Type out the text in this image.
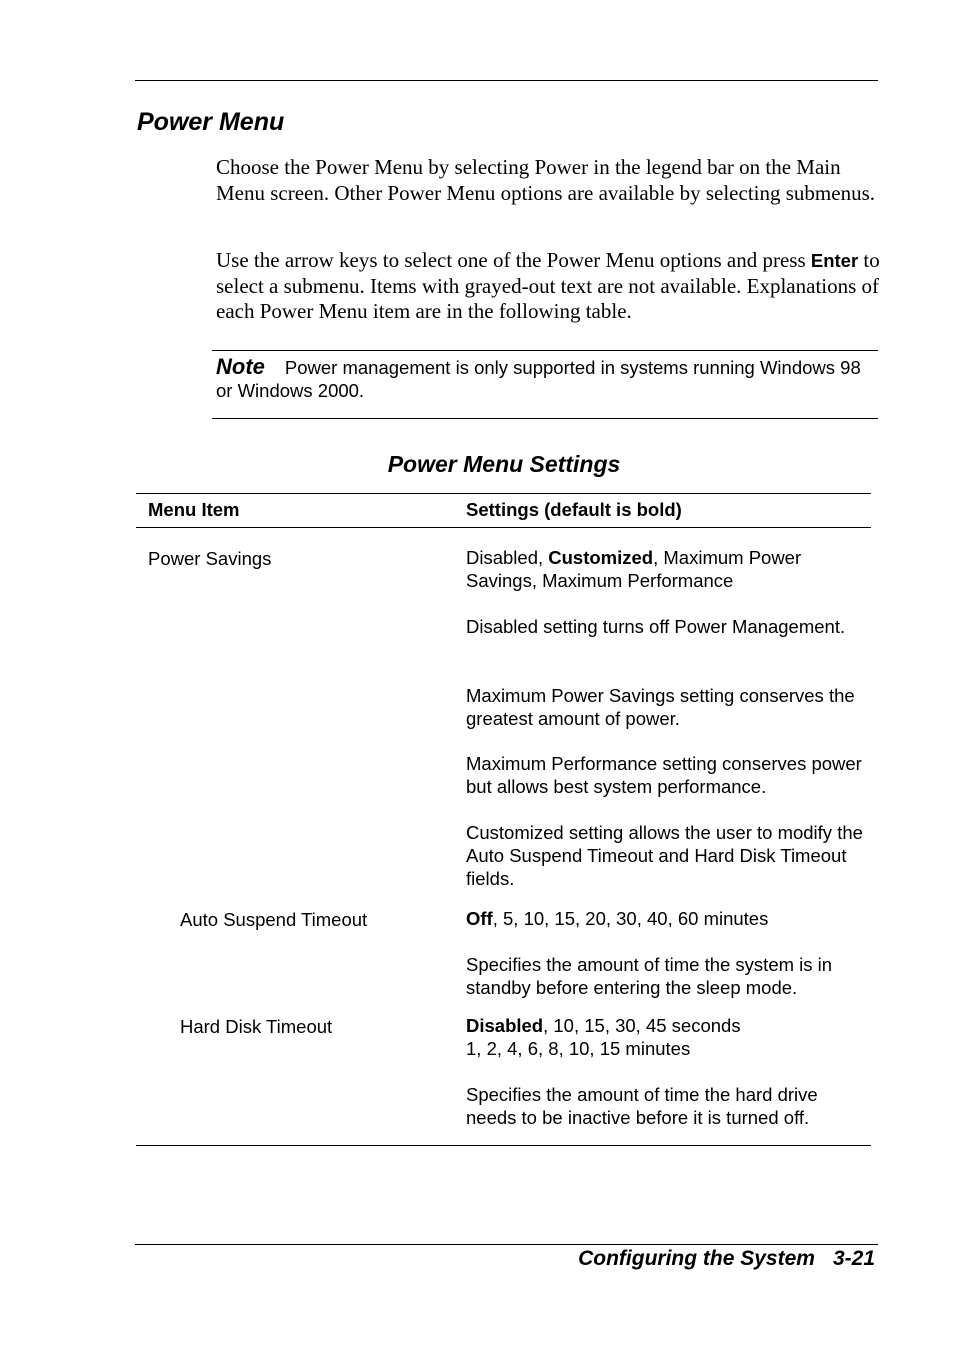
Power Menu
Choose the Power Menu by selecting Power in the legend bar on the Main Menu screen. Other Power Menu options are available by selecting submenus.
Use the arrow keys to select one of the Power Menu options and press Enter to select a submenu. Items with grayed-out text are not available. Explanations of each Power Menu item are in the following table.
Note Power management is only supported in systems running Windows 98 or Windows 2000.
Power Menu Settings
Menu Item	Settings (default is bold)
Power Savings	Disabled, Customized, Maximum Power Savings, Maximum Performance
Disabled setting turns off Power Management.
Maximum Power Savings setting conserves the greatest amount of power.
Maximum Performance setting conserves power but allows best system performance.
Customized setting allows the user to modify the Auto Suspend Timeout and Hard Disk Timeout fields.
Auto Suspend Timeout	Off, 5, 10, 15, 20, 30, 40, 60 minutes
Specifies the amount of time the system is in standby before entering the sleep mode.
Hard Disk Timeout	Disabled, 10, 15, 30, 45 seconds
1, 2, 4, 6, 8, 10, 15 minutes
Specifies the amount of time the hard drive needs to be inactive before it is turned off.
Configuring the System 3-21
